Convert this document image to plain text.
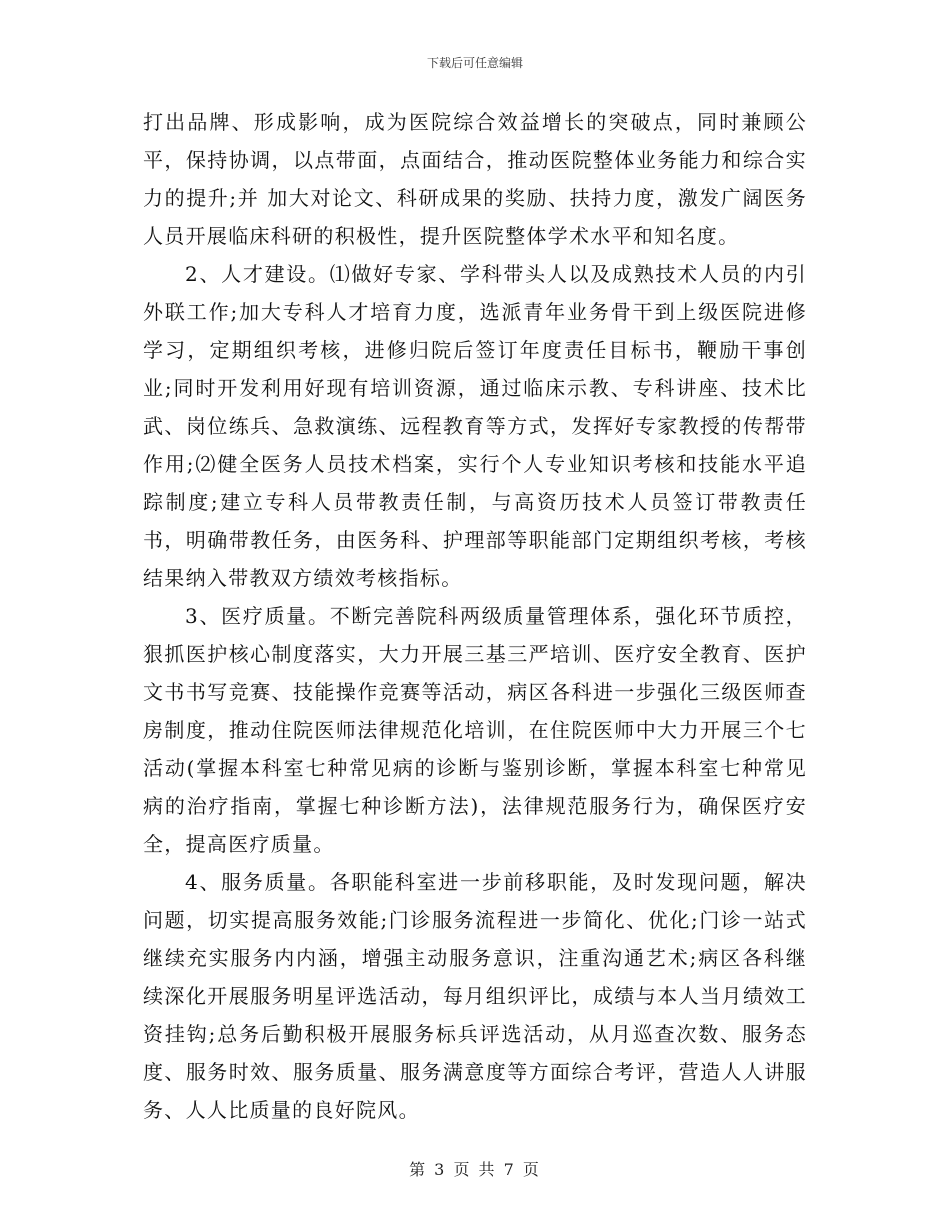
下载后可任意编辑

打出品牌、形成影响，成为医院综合效益增长的突破点，同时兼顾公平，保持协调，以点带面，点面结合，推动医院整体业务能力和综合实力的提升;并 加大对论文、科研成果的奖励、扶持力度，激发广阔医务人员开展临床科研的积极性，提升医院整体学术水平和知名度。

2、人才建设。⑴做好专家、学科带头人以及成熟技术人员的内引外联工作;加大专科人才培育力度，选派青年业务骨干到上级医院进修学习，定期组织考核，进修归院后签订年度责任目标书，鞭励干事创业;同时开发利用好现有培训资源，通过临床示教、专科讲座、技术比武、岗位练兵、急救演练、远程教育等方式，发挥好专家教授的传帮带作用;⑵健全医务人员技术档案，实行个人专业知识考核和技能水平追踪制度;建立专科人员带教责任制，与高资历技术人员签订带教责任书，明确带教任务，由医务科、护理部等职能部门定期组织考核，考核结果纳入带教双方绩效考核指标。

3、医疗质量。不断完善院科两级质量管理体系，强化环节质控，狠抓医护核心制度落实，大力开展三基三严培训、医疗安全教育、医护文书书写竞赛、技能操作竞赛等活动，病区各科进一步强化三级医师查房制度，推动住院医师法律规范化培训，在住院医师中大力开展三个七活动(掌握本科室七种常见病的诊断与鉴别诊断，掌握本科室七种常见病的治疗指南，掌握七种诊断方法)，法律规范服务行为，确保医疗安全，提高医疗质量。

4、服务质量。各职能科室进一步前移职能，及时发现问题，解决问题，切实提高服务效能;门诊服务流程进一步简化、优化;门诊一站式继续充实服务内内涵，增强主动服务意识，注重沟通艺术;病区各科继续深化开展服务明星评选活动，每月组织评比，成绩与本人当月绩效工资挂钩;总务后勤积极开展服务标兵评选活动，从月巡查次数、服务态度、服务时效、服务质量、服务满意度等方面综合考评，营造人人讲服务、人人比质量的良好院风。

第 3 页 共 7 页
